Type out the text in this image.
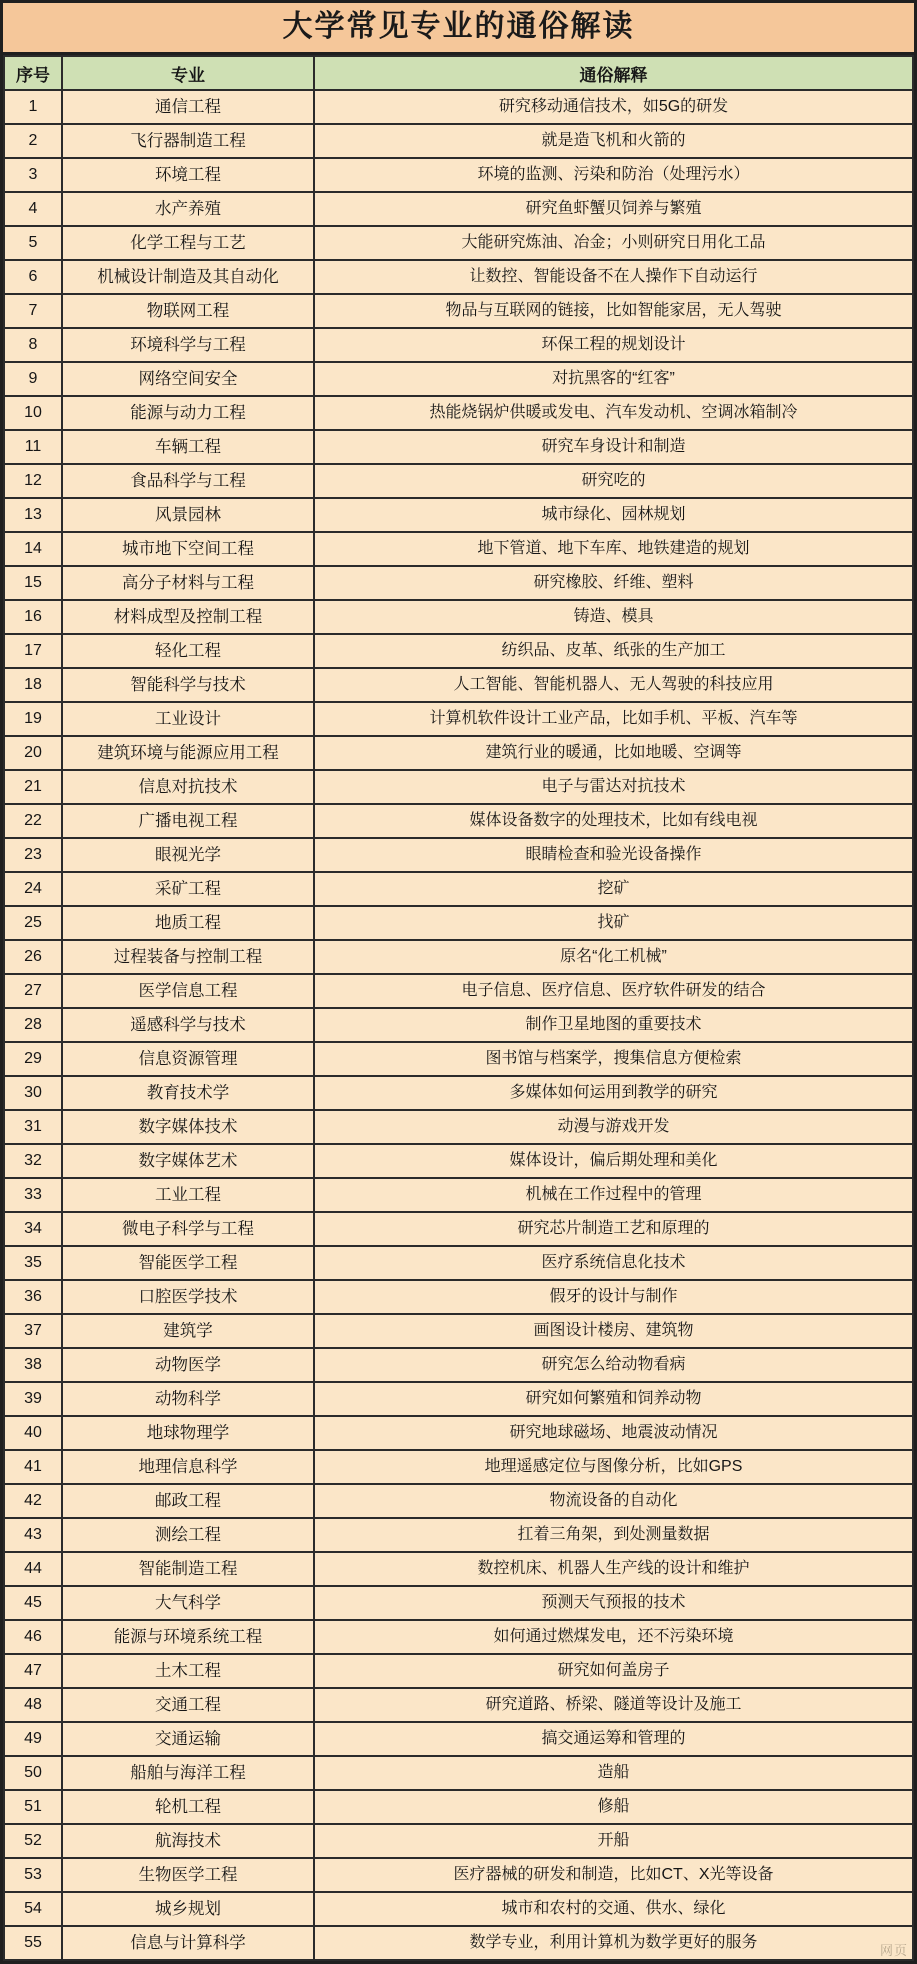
大学常见专业的通俗解读
序号	专业	通俗解释
1	通信工程	研究移动通信技术，如5G的研发
2	飞行器制造工程	就是造飞机和火箭的
3	环境工程	环境的监测、污染和防治（处理污水）
4	水产养殖	研究鱼虾蟹贝饲养与繁殖
5	化学工程与工艺	大能研究炼油、冶金；小则研究日用化工品
6	机械设计制造及其自动化	让数控、智能设备不在人操作下自动运行
7	物联网工程	物品与互联网的链接，比如智能家居，无人驾驶
8	环境科学与工程	环保工程的规划设计
9	网络空间安全	对抗黑客的“红客”
10	能源与动力工程	热能烧锅炉供暖或发电、汽车发动机、空调冰箱制冷
11	车辆工程	研究车身设计和制造
12	食品科学与工程	研究吃的
13	风景园林	城市绿化、园林规划
14	城市地下空间工程	地下管道、地下车库、地铁建造的规划
15	高分子材料与工程	研究橡胶、纤维、塑料
16	材料成型及控制工程	铸造、模具
17	轻化工程	纺织品、皮革、纸张的生产加工
18	智能科学与技术	人工智能、智能机器人、无人驾驶的科技应用
19	工业设计	计算机软件设计工业产品，比如手机、平板、汽车等
20	建筑环境与能源应用工程	建筑行业的暖通，比如地暖、空调等
21	信息对抗技术	电子与雷达对抗技术
22	广播电视工程	媒体设备数字的处理技术，比如有线电视
23	眼视光学	眼睛检查和验光设备操作
24	采矿工程	挖矿
25	地质工程	找矿
26	过程装备与控制工程	原名“化工机械”
27	医学信息工程	电子信息、医疗信息、医疗软件研发的结合
28	遥感科学与技术	制作卫星地图的重要技术
29	信息资源管理	图书馆与档案学，搜集信息方便检索
30	教育技术学	多媒体如何运用到教学的研究
31	数字媒体技术	动漫与游戏开发
32	数字媒体艺术	媒体设计，偏后期处理和美化
33	工业工程	机械在工作过程中的管理
34	微电子科学与工程	研究芯片制造工艺和原理的
35	智能医学工程	医疗系统信息化技术
36	口腔医学技术	假牙的设计与制作
37	建筑学	画图设计楼房、建筑物
38	动物医学	研究怎么给动物看病
39	动物科学	研究如何繁殖和饲养动物
40	地球物理学	研究地球磁场、地震波动情况
41	地理信息科学	地理遥感定位与图像分析，比如GPS
42	邮政工程	物流设备的自动化
43	测绘工程	扛着三角架，到处测量数据
44	智能制造工程	数控机床、机器人生产线的设计和维护
45	大气科学	预测天气预报的技术
46	能源与环境系统工程	如何通过燃煤发电，还不污染环境
47	土木工程	研究如何盖房子
48	交通工程	研究道路、桥梁、隧道等设计及施工
49	交通运输	搞交通运筹和管理的
50	船舶与海洋工程	造船
51	轮机工程	修船
52	航海技术	开船
53	生物医学工程	医疗器械的研发和制造，比如CT、X光等设备
54	城乡规划	城市和农村的交通、供水、绿化
55	信息与计算科学	数学专业，利用计算机为数学更好的服务	网页
